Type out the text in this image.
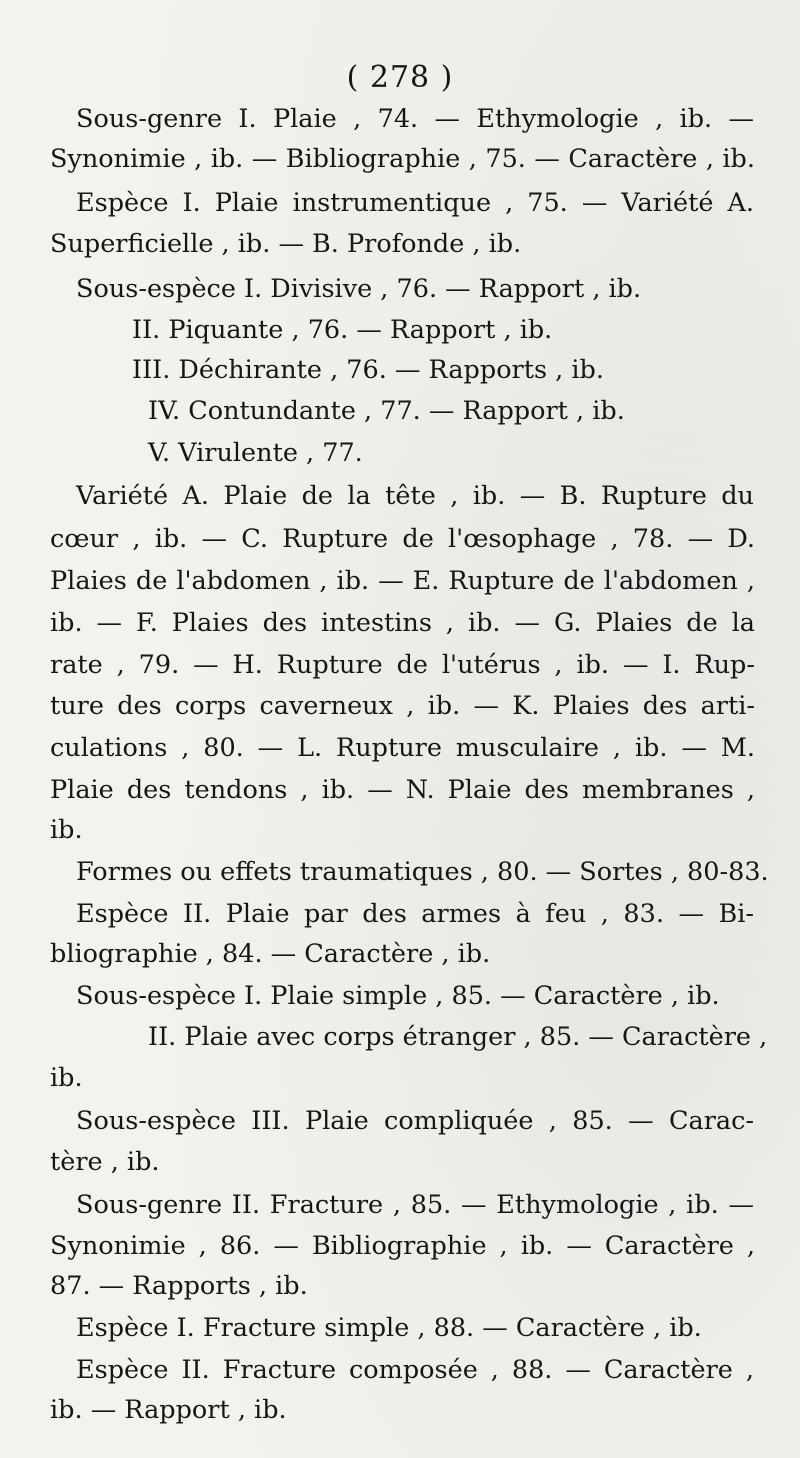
( 278 )
Sous-genre I. Plaie , 74. — Ethymologie , ib. —
Synonimie , ib. — Bibliographie , 75. — Caractère , ib.
Espèce I. Plaie instrumentique , 75. — Variété A.
Superficielle , ib. — B. Profonde , ib.
Sous-espèce I. Divisive , 76. — Rapport , ib.
II. Piquante , 76. — Rapport , ib.
III. Déchirante , 76. — Rapports , ib.
IV. Contundante , 77. — Rapport , ib.
V. Virulente , 77.
Variété A. Plaie de la tête , ib. — B. Rupture du
cœur , ib. — C. Rupture de l'œsophage , 78. — D.
Plaies de l'abdomen , ib. — E. Rupture de l'abdomen ,
ib. — F. Plaies des intestins , ib. — G. Plaies de la
rate , 79. — H. Rupture de l'utérus , ib. — I. Rup-
ture des corps caverneux , ib. — K. Plaies des arti-
culations , 80. — L. Rupture musculaire , ib. — M.
Plaie des tendons , ib. — N. Plaie des membranes ,
ib.
Formes ou effets traumatiques , 80. — Sortes , 80-83.
Espèce II. Plaie par des armes à feu , 83. — Bi-
bliographie , 84. — Caractère , ib.
Sous-espèce I. Plaie simple , 85. — Caractère , ib.
II. Plaie avec corps étranger , 85. — Caractère ,
ib.
Sous-espèce III. Plaie compliquée , 85. — Carac-
tère , ib.
Sous-genre II. Fracture , 85. — Ethymologie , ib. —
Synonimie , 86. — Bibliographie , ib. — Caractère ,
87. — Rapports , ib.
Espèce I. Fracture simple , 88. — Caractère , ib.
Espèce II. Fracture composée , 88. — Caractère ,
ib. — Rapport , ib.
